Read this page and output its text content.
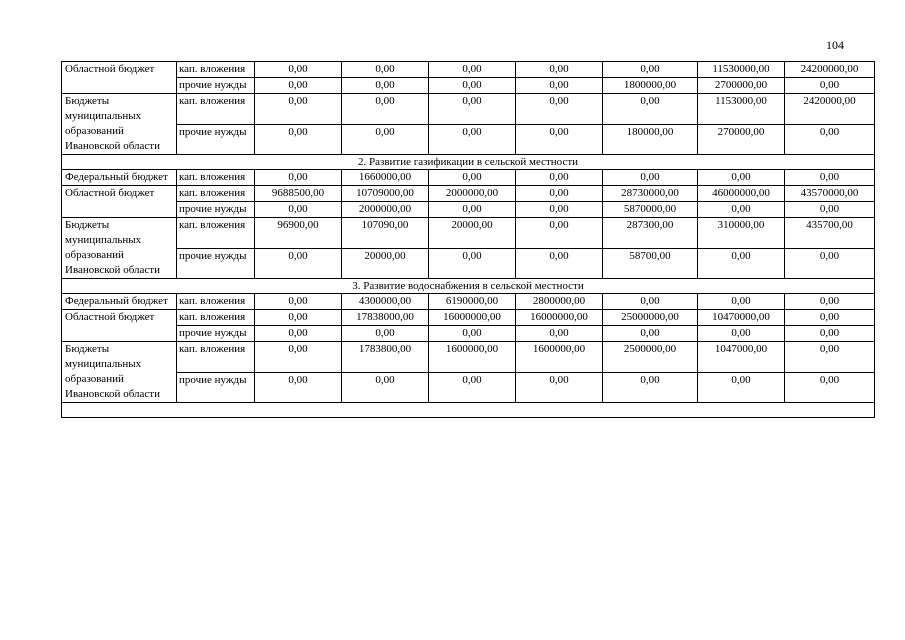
104
Областной бюджет	кап. вложения	0,00	0,00	0,00	0,00	0,00	11530000,00	24200000,00
	прочие нужды	0,00	0,00	0,00	0,00	1800000,00	2700000,00	0,00
Бюджеты муниципальных образований Ивановской области	кап. вложения	0,00	0,00	0,00	0,00	0,00	1153000,00	2420000,00
	прочие нужды	0,00	0,00	0,00	0,00	180000,00	270000,00	0,00
2. Развитие газификации в сельской местности								
Федеральный бюджет	кап. вложения	0,00	1660000,00	0,00	0,00	0,00	0,00	0,00
Областной бюджет	кап. вложения	9688500,00	10709000,00	2000000,00	0,00	28730000,00	46000000,00	43570000,00
	прочие нужды	0,00	2000000,00	0,00	0,00	5870000,00	0,00	0,00
Бюджеты муниципальных образований Ивановской области	кап. вложения	96900,00	107090,00	20000,00	0,00	287300,00	310000,00	435700,00
	прочие нужды	0,00	20000,00	0,00	0,00	58700,00	0,00	0,00
3. Развитие водоснабжения в сельской местности								
Федеральный бюджет	кап. вложения	0,00	4300000,00	6190000,00	2800000,00	0,00	0,00	0,00
Областной бюджет	кап. вложения	0,00	17838000,00	16000000,00	16000000,00	25000000,00	10470000,00	0,00
	прочие нужды	0,00	0,00	0,00	0,00	0,00	0,00	0,00
Бюджеты муниципальных образований Ивановской области	кап. вложения	0,00	1783800,00	1600000,00	1600000,00	2500000,00	1047000,00	0,00
	прочие нужды	0,00	0,00	0,00	0,00	0,00	0,00	0,00
